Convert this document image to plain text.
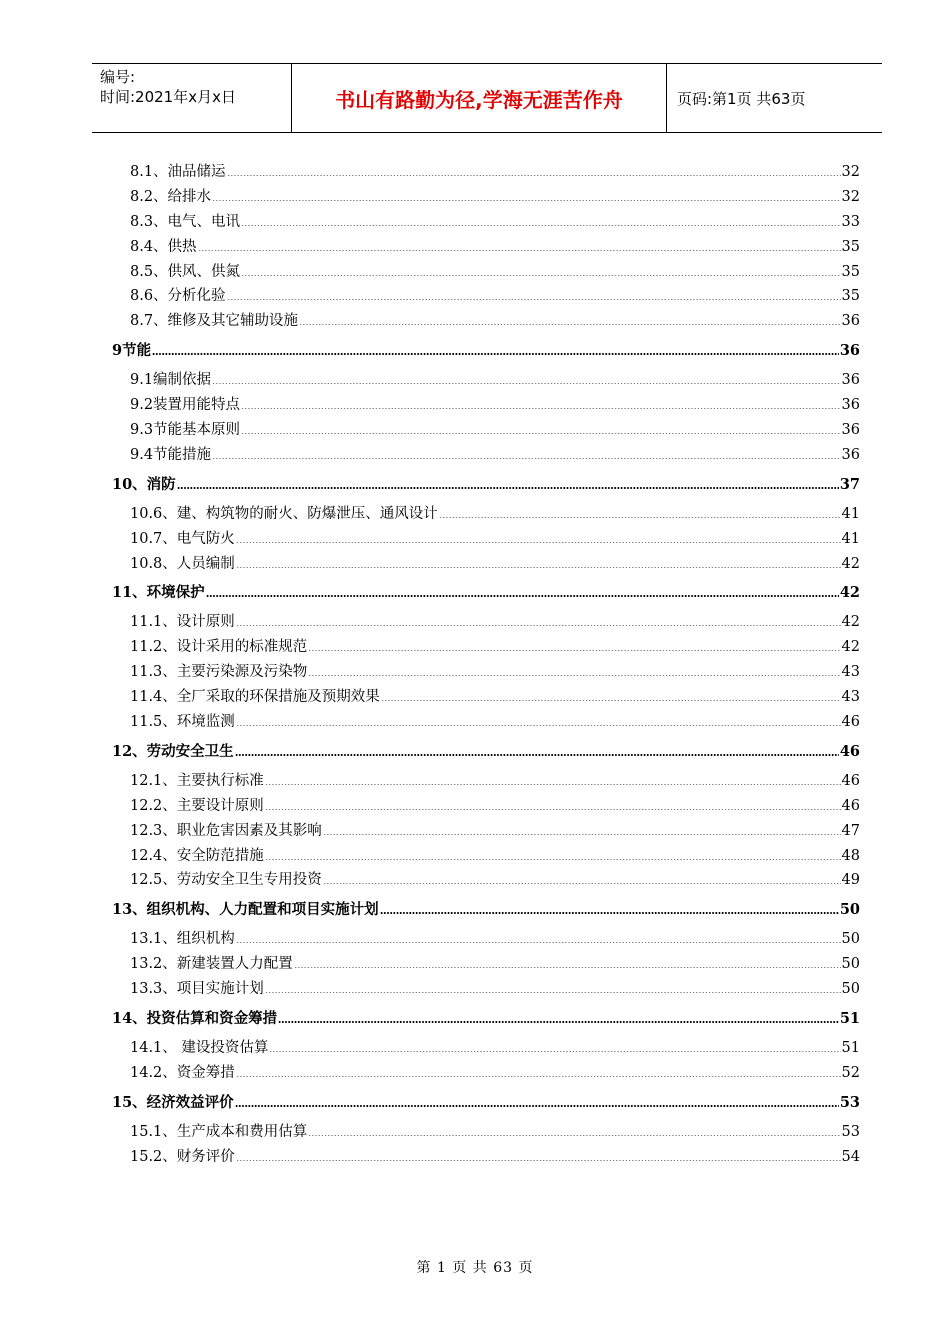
编号:
时间:2021年x月x日	书山有路勤为径,学海无涯苦作舟	页码:第1页 共63页
8.1、油品储运	32
8.2、给排水	32
8.3、电气、电讯	33
8.4、供热	35
8.5、供风、供氮	35
8.6、分析化验	35
8.7、维修及其它辅助设施	36
9节能	36
9.1编制依据	36
9.2装置用能特点	36
9.3节能基本原则	36
9.4节能措施	36
10、消防	37
10.6、建、构筑物的耐火、防爆泄压、通风设计	41
10.7、电气防火	41
10.8、人员编制	42
11、环境保护	42
11.1、设计原则	42
11.2、设计采用的标准规范	42
11.3、主要污染源及污染物	43
11.4、全厂采取的环保措施及预期效果	43
11.5、环境监测	46
12、劳动安全卫生	46
12.1、主要执行标准	46
12.2、主要设计原则	46
12.3、职业危害因素及其影响	47
12.4、安全防范措施	48
12.5、劳动安全卫生专用投资	49
13、组织机构、人力配置和项目实施计划	50
13.1、组织机构	50
13.2、新建装置人力配置	50
13.3、项目实施计划	50
14、投资估算和资金筹措	51
14.1、 建设投资估算	51
14.2、资金筹措	52
15、经济效益评价	53
15.1、生产成本和费用估算	53
15.2、财务评价	54
第 1 页 共 63 页
